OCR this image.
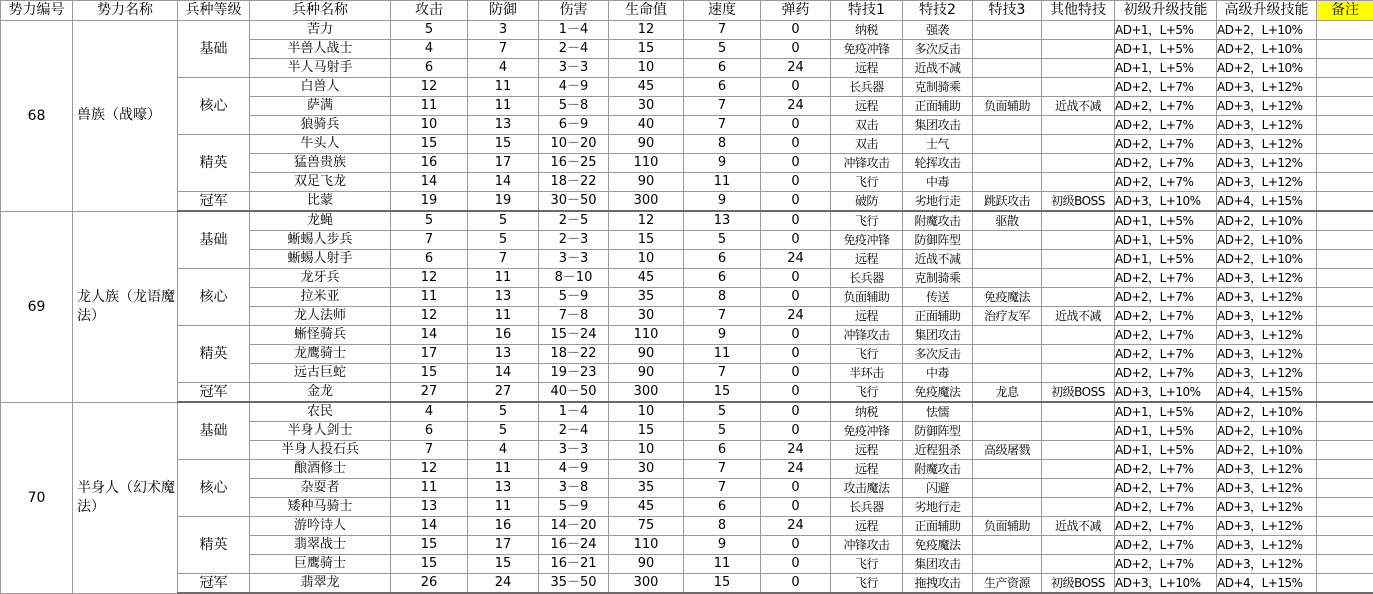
势力编号	势力名称	兵种等级	兵种名称	攻击	防御	伤害	生命值	速度	弹药	特技1	特技2	特技3	其他特技	初级升级技能	高级升级技能	备注
68	兽族（战嚎）	基础	苦力	5	3	1－4	12	7	0	纳税	强袭			AD+1，L+5%	AD+2，L+10%	
			半兽人战士	4	7	2－4	15	5	0	免疫冲锋	多次反击			AD+1，L+5%	AD+2，L+10%	
			半人马射手	6	4	3－3	10	6	24	远程	近战不减			AD+1，L+5%	AD+2，L+10%	
		核心	白兽人	12	11	4－9	45	6	0	长兵器	克制骑乘			AD+2，L+7%	AD+3，L+12%	
			萨满	11	11	5－8	30	7	24	远程	正面辅助	负面辅助	近战不减	AD+2，L+7%	AD+3，L+12%	
			狼骑兵	10	13	6－9	40	7	0	双击	集团攻击			AD+2，L+7%	AD+3，L+12%	
		精英	牛头人	15	15	10－20	90	8	0	双击	士气			AD+2，L+7%	AD+3，L+12%	
			猛兽贵族	16	17	16－25	110	9	0	冲锋攻击	轮挥攻击			AD+2，L+7%	AD+3，L+12%	
			双足飞龙	14	14	18－22	90	11	0	飞行	中毒			AD+2，L+7%	AD+3，L+12%	
		冠军	比蒙	19	19	30－50	300	9	0	破防	劣地行走	跳跃攻击	初级BOSS	AD+3，L+10%	AD+4，L+15%	
69	龙人族（龙语魔法）	基础	龙蝇	5	5	2－5	12	13	0	飞行	附魔攻击	驱散		AD+1，L+5%	AD+2，L+10%	
			蜥蜴人步兵	7	5	2－3	15	5	0	免疫冲锋	防御阵型			AD+1，L+5%	AD+2，L+10%	
			蜥蜴人射手	6	7	3－3	10	6	24	远程	近战不减			AD+1，L+5%	AD+2，L+10%	
		核心	龙牙兵	12	11	8－10	45	6	0	长兵器	克制骑乘			AD+2，L+7%	AD+3，L+12%	
			拉米亚	11	13	5－9	35	8	0	负面辅助	传送	免疫魔法		AD+2，L+7%	AD+3，L+12%	
			龙人法师	12	11	7－8	30	7	24	远程	正面辅助	治疗友军	近战不减	AD+2，L+7%	AD+3，L+12%	
		精英	蜥怪骑兵	14	16	15－24	110	9	0	冲锋攻击	集团攻击			AD+2，L+7%	AD+3，L+12%	
			龙鹰骑士	17	13	18－22	90	11	0	飞行	多次反击			AD+2，L+7%	AD+3，L+12%	
			远古巨蛇	15	14	19－23	90	7	0	半环击	中毒			AD+2，L+7%	AD+3，L+12%	
		冠军	金龙	27	27	40－50	300	15	0	飞行	免疫魔法	龙息	初级BOSS	AD+3，L+10%	AD+4，L+15%	
70	半身人（幻术魔法）	基础	农民	4	5	1－4	10	5	0	纳税	怯懦			AD+1，L+5%	AD+2，L+10%	
			半身人剑士	6	5	2－4	15	5	0	免疫冲锋	防御阵型			AD+1，L+5%	AD+2，L+10%	
			半身人投石兵	7	4	3－3	10	6	24	远程	近程狙杀	高级屠戮		AD+1，L+5%	AD+2，L+10%	
		核心	酿酒修士	12	11	4－9	30	7	24	远程	附魔攻击			AD+2，L+7%	AD+3，L+12%	
			杂耍者	11	13	3－8	35	7	0	攻击魔法	闪避			AD+2，L+7%	AD+3，L+12%	
			矮种马骑士	13	11	5－9	45	6	0	长兵器	劣地行走			AD+2，L+7%	AD+3，L+12%	
		精英	游吟诗人	14	16	14－20	75	8	24	远程	正面辅助	负面辅助	近战不减	AD+2，L+7%	AD+3，L+12%	
			翡翠战士	15	17	16－24	110	9	0	冲锋攻击	免疫魔法			AD+2，L+7%	AD+3，L+12%	
			巨鹰骑士	15	15	16－21	90	11	0	飞行	集团攻击			AD+2，L+7%	AD+3，L+12%	
		冠军	翡翠龙	26	24	35－50	300	15	0	飞行	拖拽攻击	生产资源	初级BOSS	AD+3，L+10%	AD+4，L+15%	
